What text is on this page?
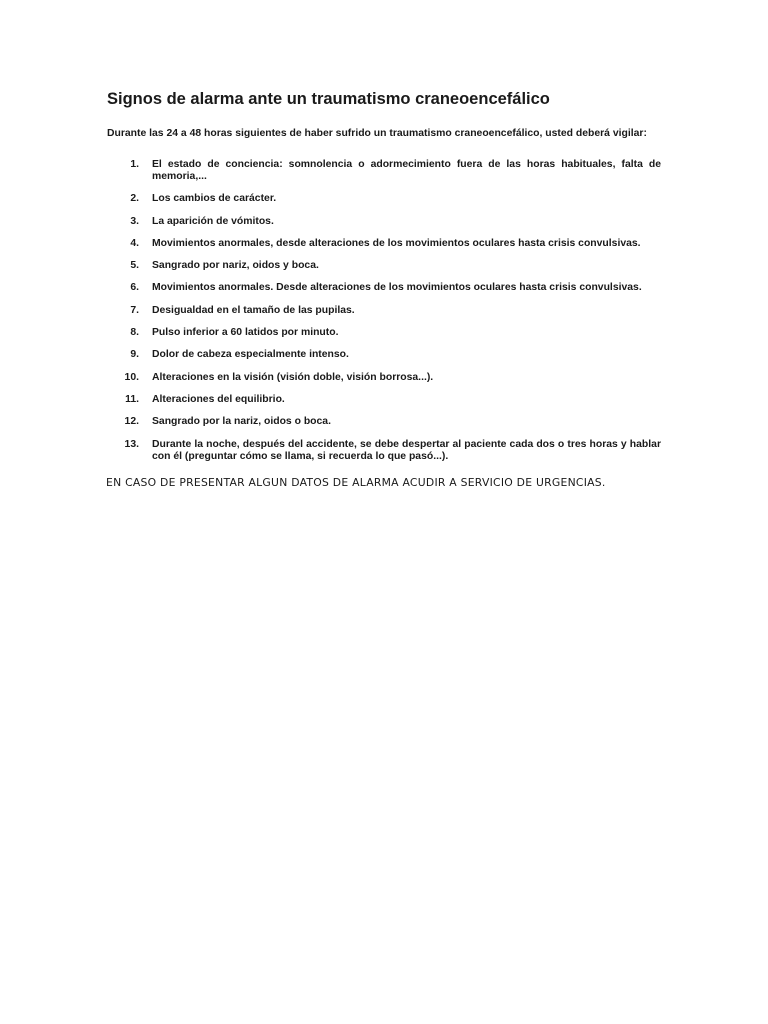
Signos de alarma ante un traumatismo craneoencefálico

Durante las 24 a 48 horas siguientes de haber sufrido un traumatismo craneoencefálico, usted deberá vigilar:

1. El estado de conciencia: somnolencia o adormecimiento fuera de las horas habituales, falta de memoria,...
2. Los cambios de carácter.
3. La aparición de vómitos.
4. Movimientos anormales, desde alteraciones de los movimientos oculares hasta crisis convulsivas.
5. Sangrado por nariz, oidos y boca.
6. Movimientos anormales. Desde alteraciones de los movimientos oculares hasta crisis convulsivas.
7. Desigualdad en el tamaño de las pupilas.
8. Pulso inferior a 60 latidos por minuto.
9. Dolor de cabeza especialmente intenso.
10. Alteraciones en la visión (visión doble, visión borrosa...).
11. Alteraciones del equilibrio.
12. Sangrado por la nariz, oidos o boca.
13. Durante la noche, después del accidente, se debe despertar al paciente cada dos o tres horas y hablar con él (preguntar cómo se llama, si recuerda lo que pasó...).

EN CASO DE PRESENTAR ALGUN DATOS DE ALARMA ACUDIR A SERVICIO DE URGENCIAS.
